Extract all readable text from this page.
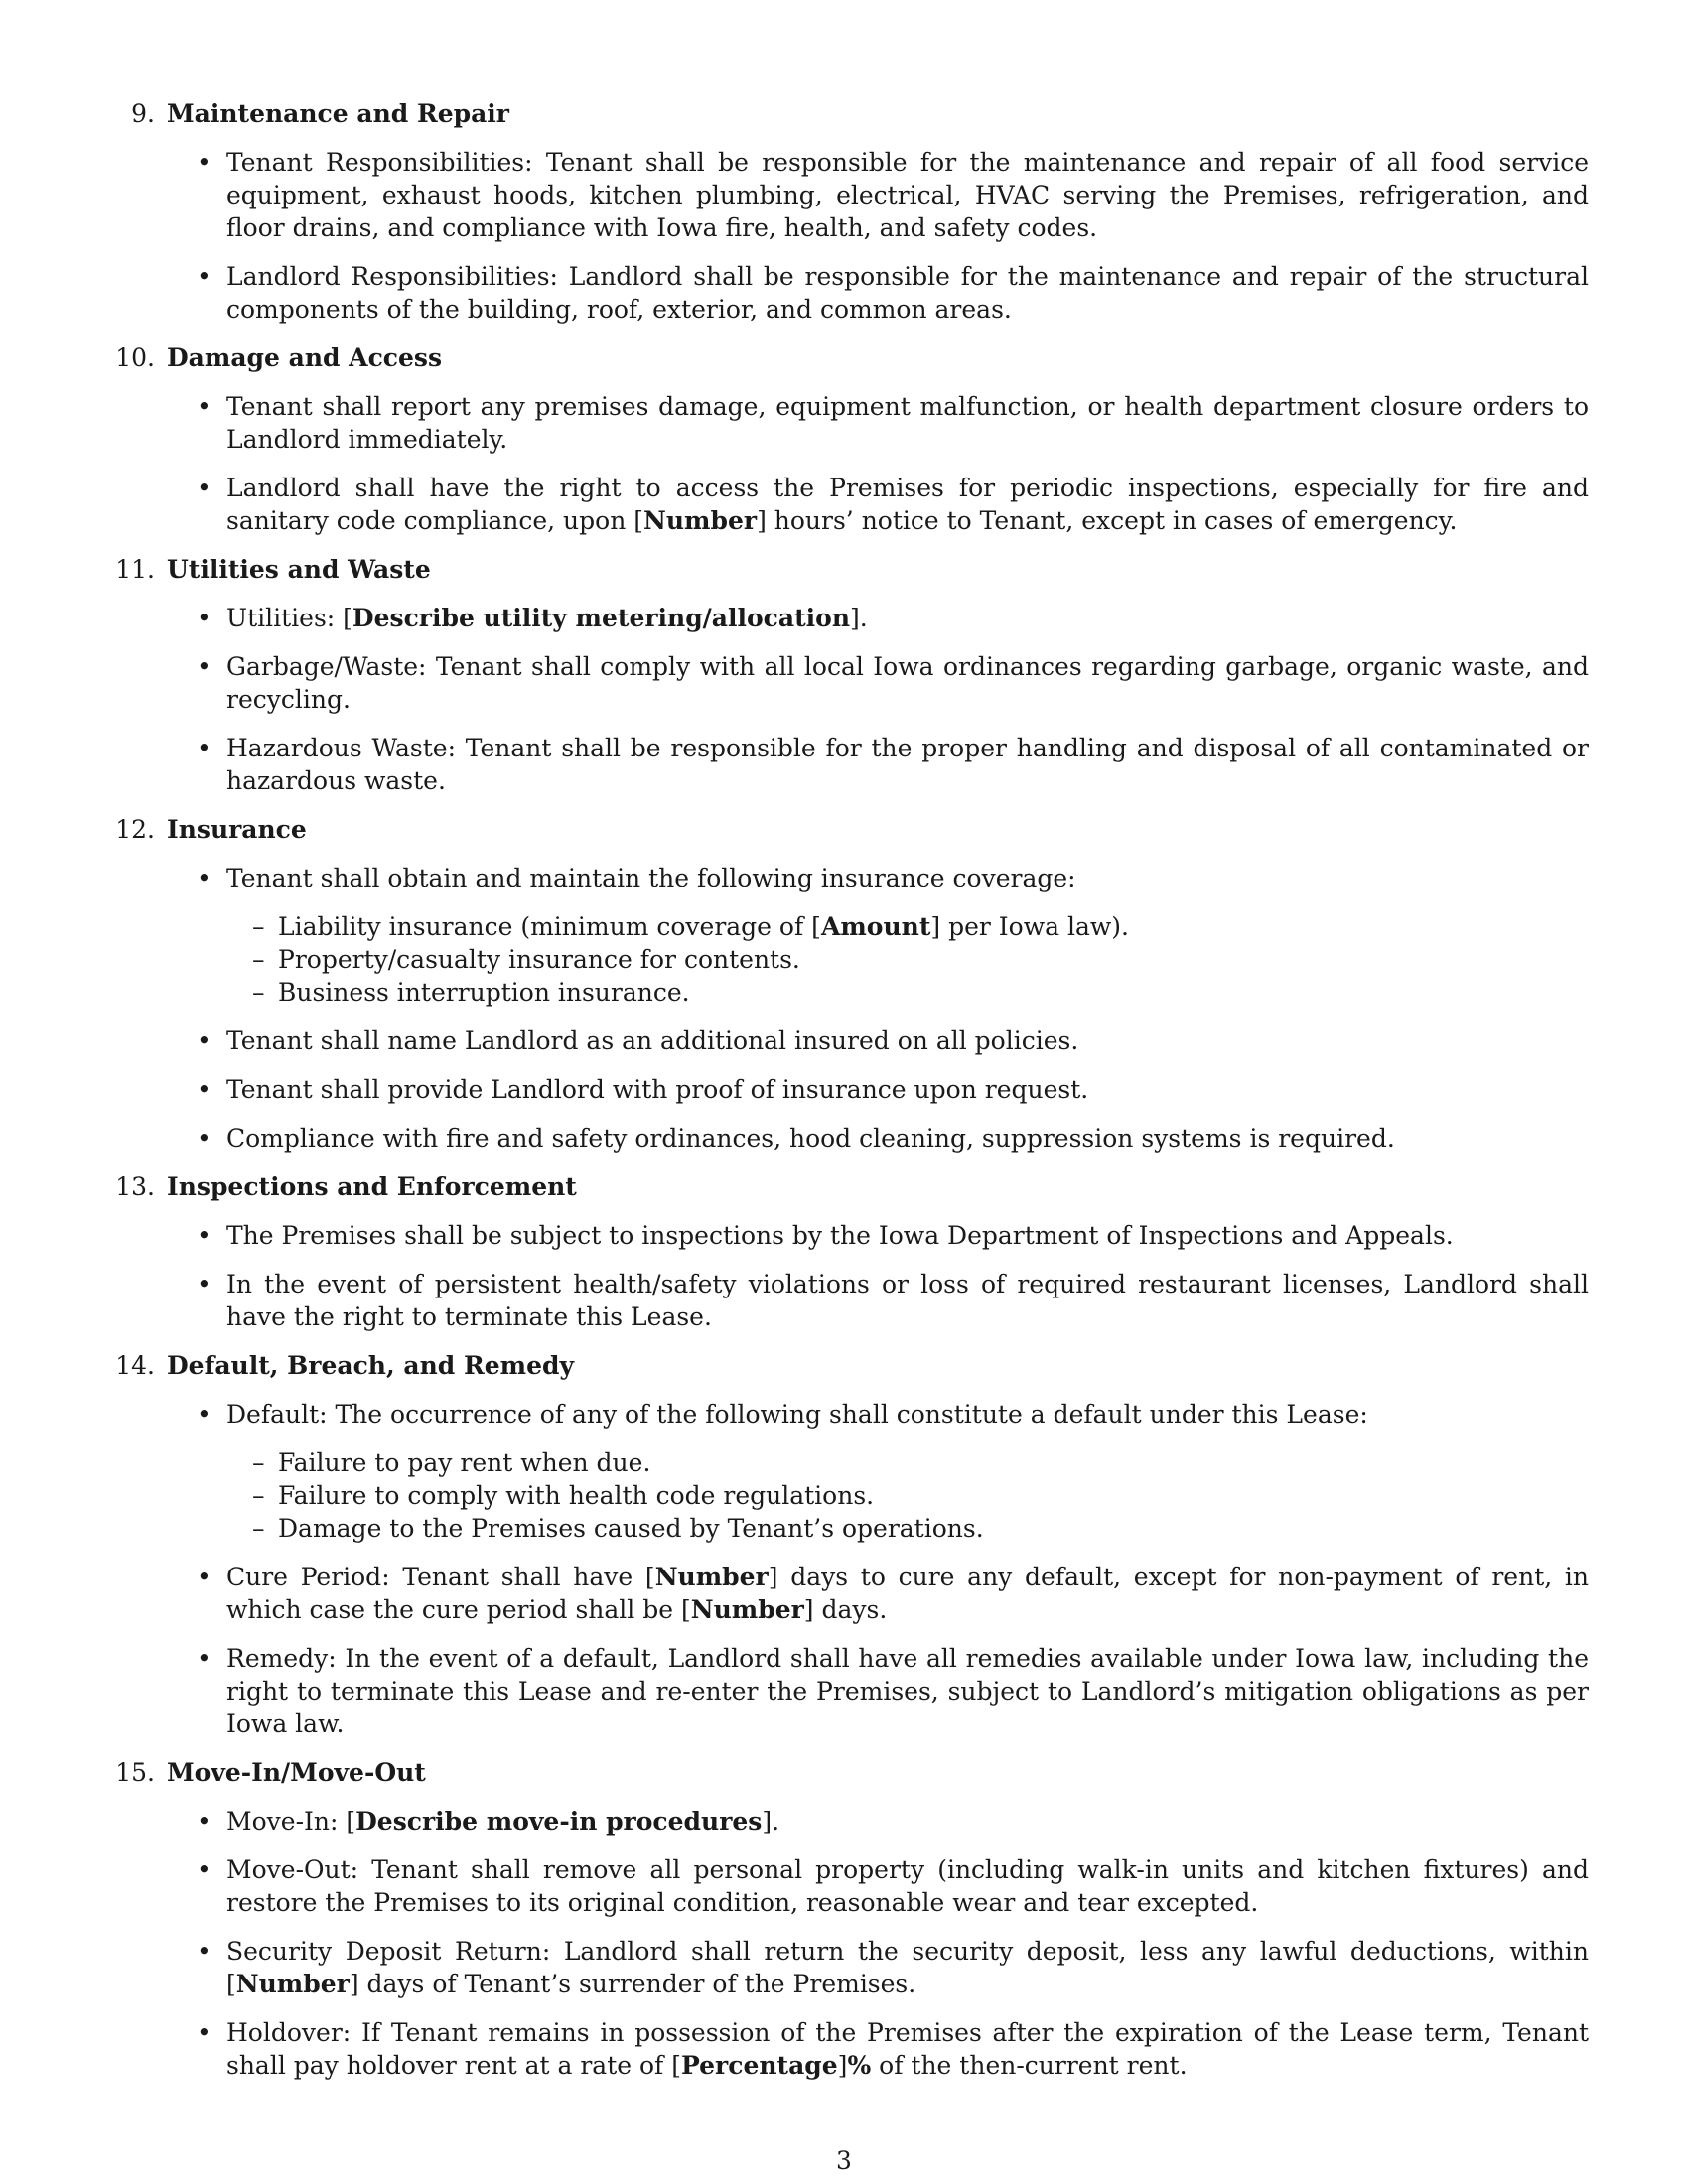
9. Maintenance and Repair
• Tenant Responsibilities: Tenant shall be responsible for the maintenance and repair of all food service equipment, exhaust hoods, kitchen plumbing, electrical, HVAC serving the Premises, refrigeration, and floor drains, and compliance with Iowa fire, health, and safety codes.
• Landlord Responsibilities: Landlord shall be responsible for the maintenance and repair of the structural components of the building, roof, exterior, and common areas.
10. Damage and Access
• Tenant shall report any premises damage, equipment malfunction, or health department closure orders to Landlord immediately.
• Landlord shall have the right to access the Premises for periodic inspections, especially for fire and sanitary code compliance, upon [Number] hours’ notice to Tenant, except in cases of emergency.
11. Utilities and Waste
• Utilities: [Describe utility metering/allocation].
• Garbage/Waste: Tenant shall comply with all local Iowa ordinances regarding garbage, organic waste, and recycling.
• Hazardous Waste: Tenant shall be responsible for the proper handling and disposal of all contaminated or hazardous waste.
12. Insurance
• Tenant shall obtain and maintain the following insurance coverage:
– Liability insurance (minimum coverage of [Amount] per Iowa law).
– Property/casualty insurance for contents.
– Business interruption insurance.
• Tenant shall name Landlord as an additional insured on all policies.
• Tenant shall provide Landlord with proof of insurance upon request.
• Compliance with fire and safety ordinances, hood cleaning, suppression systems is required.
13. Inspections and Enforcement
• The Premises shall be subject to inspections by the Iowa Department of Inspections and Appeals.
• In the event of persistent health/safety violations or loss of required restaurant licenses, Landlord shall have the right to terminate this Lease.
14. Default, Breach, and Remedy
• Default: The occurrence of any of the following shall constitute a default under this Lease:
– Failure to pay rent when due.
– Failure to comply with health code regulations.
– Damage to the Premises caused by Tenant’s operations.
• Cure Period: Tenant shall have [Number] days to cure any default, except for non-payment of rent, in which case the cure period shall be [Number] days.
• Remedy: In the event of a default, Landlord shall have all remedies available under Iowa law, including the right to terminate this Lease and re-enter the Premises, subject to Landlord’s mitigation obligations as per Iowa law.
15. Move-In/Move-Out
• Move-In: [Describe move-in procedures].
• Move-Out: Tenant shall remove all personal property (including walk-in units and kitchen fixtures) and restore the Premises to its original condition, reasonable wear and tear excepted.
• Security Deposit Return: Landlord shall return the security deposit, less any lawful deductions, within [Number] days of Tenant’s surrender of the Premises.
• Holdover: If Tenant remains in possession of the Premises after the expiration of the Lease term, Tenant shall pay holdover rent at a rate of [Percentage]% of the then-current rent.
3
